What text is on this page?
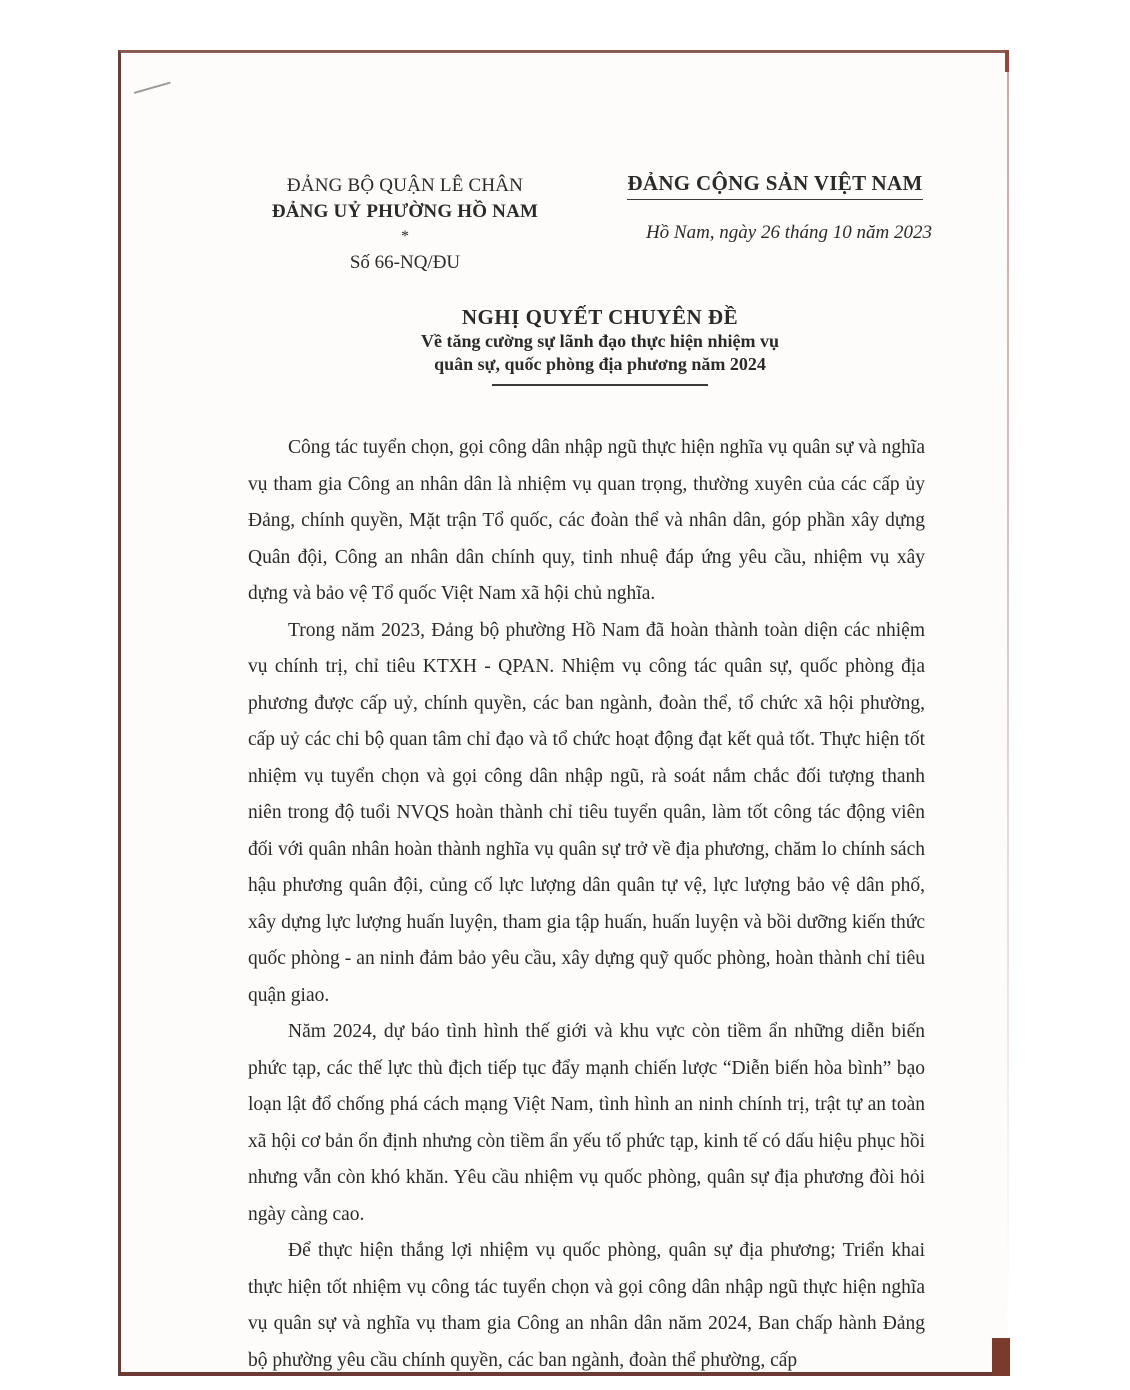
ĐẢNG BỘ QUẬN LÊ CHÂN
ĐẢNG UỶ PHƯỜNG HỒ NAM
*
Số 66-NQ/ĐU
ĐẢNG CỘNG SẢN VIỆT NAM
Hồ Nam, ngày 26 tháng 10 năm 2023
NGHỊ QUYẾT CHUYÊN ĐỀ
Về tăng cường sự lãnh đạo thực hiện nhiệm vụ
quân sự, quốc phòng địa phương năm 2024

Công tác tuyển chọn, gọi công dân nhập ngũ thực hiện nghĩa vụ quân sự và nghĩa vụ tham gia Công an nhân dân là nhiệm vụ quan trọng, thường xuyên của các cấp ủy Đảng, chính quyền, Mặt trận Tổ quốc, các đoàn thể và nhân dân, góp phần xây dựng Quân đội, Công an nhân dân chính quy, tinh nhuệ đáp ứng yêu cầu, nhiệm vụ xây dựng và bảo vệ Tổ quốc Việt Nam xã hội chủ nghĩa.

Trong năm 2023, Đảng bộ phường Hồ Nam đã hoàn thành toàn diện các nhiệm vụ chính trị, chỉ tiêu KTXH - QPAN. Nhiệm vụ công tác quân sự, quốc phòng địa phương được cấp uỷ, chính quyền, các ban ngành, đoàn thể, tổ chức xã hội phường, cấp uỷ các chi bộ quan tâm chỉ đạo và tổ chức hoạt động đạt kết quả tốt. Thực hiện tốt nhiệm vụ tuyển chọn và gọi công dân nhập ngũ, rà soát nắm chắc đối tượng thanh niên trong độ tuổi NVQS hoàn thành chỉ tiêu tuyển quân, làm tốt công tác động viên đối với quân nhân hoàn thành nghĩa vụ quân sự trở về địa phương, chăm lo chính sách hậu phương quân đội, củng cố lực lượng dân quân tự vệ, lực lượng bảo vệ dân phố, xây dựng lực lượng huấn luyện, tham gia tập huấn, huấn luyện và bồi dưỡng kiến thức quốc phòng - an ninh đảm bảo yêu cầu, xây dựng quỹ quốc phòng, hoàn thành chỉ tiêu quận giao.

Năm 2024, dự báo tình hình thế giới và khu vực còn tiềm ẩn những diễn biến phức tạp, các thế lực thù địch tiếp tục đẩy mạnh chiến lược “Diễn biến hòa bình” bạo loạn lật đổ chống phá cách mạng Việt Nam, tình hình an ninh chính trị, trật tự an toàn xã hội cơ bản ổn định nhưng còn tiềm ẩn yếu tố phức tạp, kinh tế có dấu hiệu phục hồi nhưng vẫn còn khó khăn. Yêu cầu nhiệm vụ quốc phòng, quân sự địa phương đòi hỏi ngày càng cao.

Để thực hiện thắng lợi nhiệm vụ quốc phòng, quân sự địa phương; Triển khai thực hiện tốt nhiệm vụ công tác tuyển chọn và gọi công dân nhập ngũ thực hiện nghĩa vụ quân sự và nghĩa vụ tham gia Công an nhân dân năm 2024, Ban chấp hành Đảng bộ phường yêu cầu chính quyền, các ban ngành, đoàn thể phường, cấp
